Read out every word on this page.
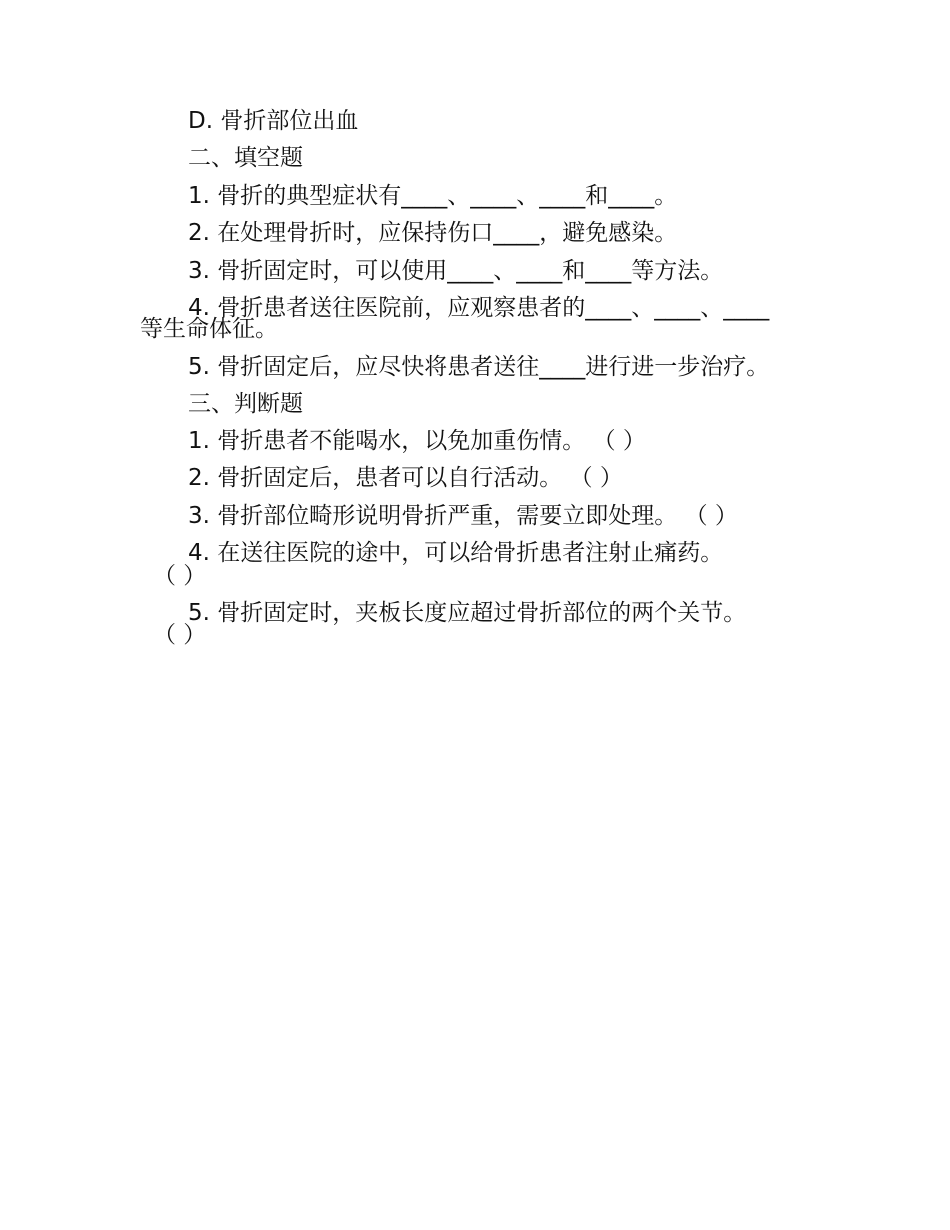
D. 骨折部位出血
二、填空题
1. 骨折的典型症状有____、____、____和____。
2. 在处理骨折时，应保持伤口____，避免感染。
3. 骨折固定时，可以使用____、____和____等方法。
4. 骨折患者送往医院前，应观察患者的____、____、____
等生命体征。
5. 骨折固定后，应尽快将患者送往____进行进一步治疗。
三、判断题
1. 骨折患者不能喝水，以免加重伤情。 （ ）
2. 骨折固定后，患者可以自行活动。 （ ）
3. 骨折部位畸形说明骨折严重，需要立即处理。 （ ）
4. 在送往医院的途中，可以给骨折患者注射止痛药。
（ ）
5. 骨折固定时，夹板长度应超过骨折部位的两个关节。
（ ）
